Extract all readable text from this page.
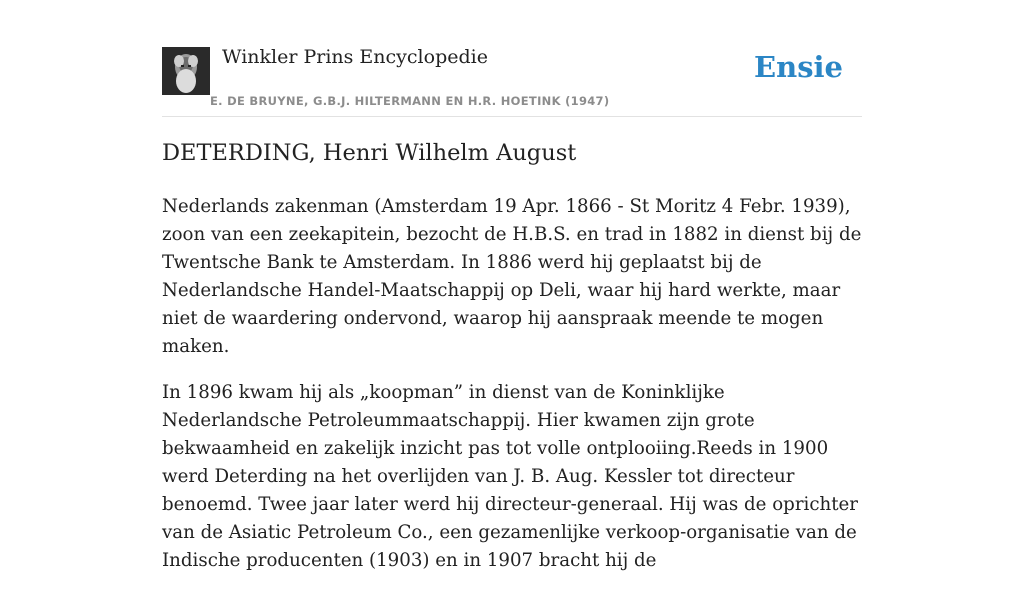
Winkler Prins Encyclopedie
E. DE BRUYNE, G.B.J. HILTERMANN EN H.R. HOETINK (1947)
Ensie
DETERDING, Henri Wilhelm August

Nederlands zakenman (Amsterdam 19 Apr. 1866 - St Moritz 4 Febr. 1939), zoon van een zeekapitein, bezocht de H.B.S. en trad in 1882 in dienst bij de Twentsche Bank te Amsterdam. In 1886 werd hij geplaatst bij de Nederlandsche Handel-Maatschappij op Deli, waar hij hard werkte, maar niet de waardering ondervond, waarop hij aanspraak meende te mogen maken.

In 1896 kwam hij als „koopman” in dienst van de Koninklijke Nederlandsche Petroleummaatschappij. Hier kwamen zijn grote bekwaamheid en zakelijk inzicht pas tot volle ontplooiing.Reeds in 1900 werd Deterding na het overlijden van J. B. Aug. Kessler tot directeur benoemd. Twee jaar later werd hij directeur-generaal. Hij was de oprichter van de Asiatic Petroleum Co., een gezamenlijke verkoop-organisatie van de Indische producenten (1903) en in 1907 bracht hij de
